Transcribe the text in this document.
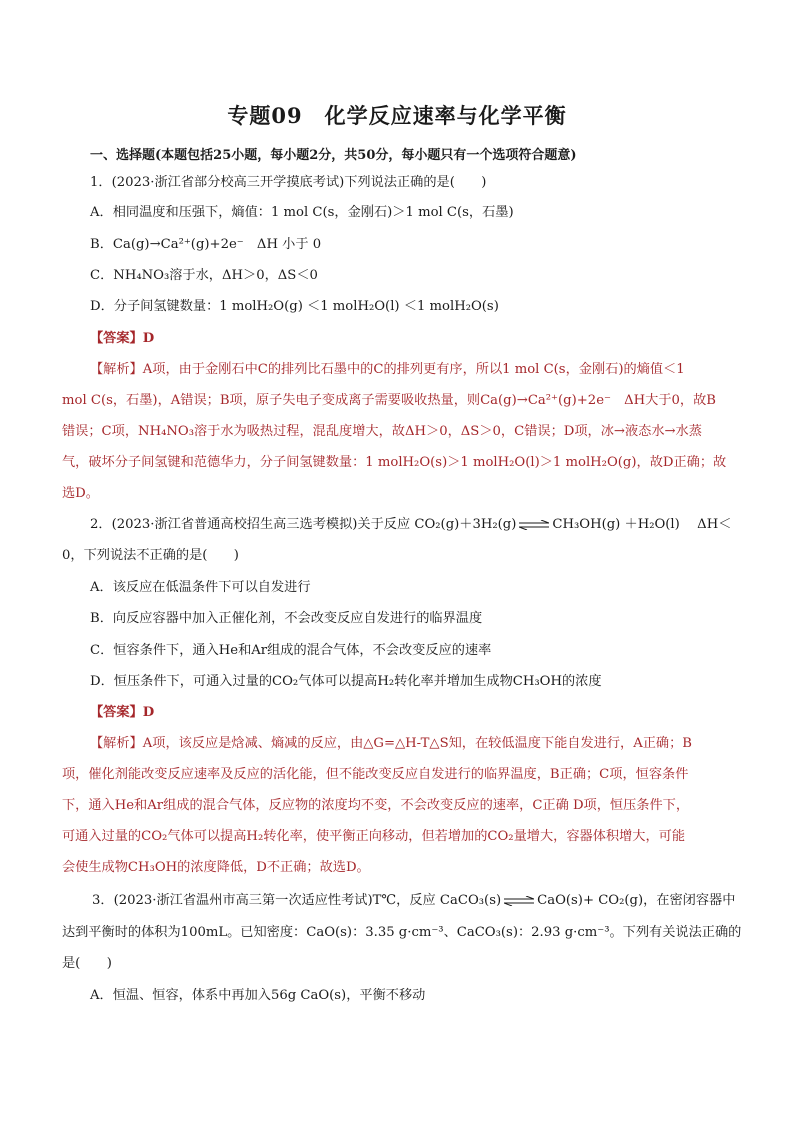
专题09　化学反应速率与化学平衡
一、选择题(本题包括25小题，每小题2分，共50分，每小题只有一个选项符合题意)
1．(2023·浙江省部分校高三开学摸底考试)下列说法正确的是(　　)
A．相同温度和压强下，熵值：1 mol C(s，金刚石)＞1 mol C(s，石墨)
B．Ca(g)→Ca²⁺(g)+2e⁻　ΔH 小于 0
C．NH₄NO₃溶于水，ΔH＞0，ΔS＜0
D．分子间氢键数量：1 molH₂O(g) ＜1 molH₂O(l) ＜1 molH₂O(s)
【答案】D
【解析】A项，由于金刚石中C的排列比石墨中的C的排列更有序，所以1 mol C(s，金刚石)的熵值＜1
mol C(s，石墨)，A错误；B项，原子失电子变成离子需要吸收热量，则Ca(g)→Ca²⁺(g)+2e⁻　ΔH大于0，故B
错误；C项，NH₄NO₃溶于水为吸热过程，混乱度增大，故ΔH＞0，ΔS＞0，C错误；D项，冰→液态水→水蒸
气，破坏分子间氢键和范德华力，分子间氢键数量：1 molH₂O(s)＞1 molH₂O(l)＞1 molH₂O(g)，故D正确；故
选D。
2．(2023·浙江省普通高校招生高三选考模拟)关于反应 CO₂(g)＋3H₂(g) ⇌ CH₃OH(g) ＋H₂O(l)　 ΔH＜
0，下列说法不正确的是(　　)
A．该反应在低温条件下可以自发进行
B．向反应容器中加入正催化剂，不会改变反应自发进行的临界温度
C．恒容条件下，通入He和Ar组成的混合气体，不会改变反应的速率
D．恒压条件下，可通入过量的CO₂气体可以提高H₂转化率并增加生成物CH₃OH的浓度
【答案】D
【解析】A项，该反应是焓减、熵减的反应，由△G=△H-T△S知，在较低温度下能自发进行，A正确；B
项，催化剂能改变反应速率及反应的活化能，但不能改变反应自发进行的临界温度，B正确；C项，恒容条件
下，通入He和Ar组成的混合气体，反应物的浓度均不变，不会改变反应的速率，C正确 D项，恒压条件下，
可通入过量的CO₂气体可以提高H₂转化率，使平衡正向移动，但若增加的CO₂量增大，容器体积增大，可能
会使生成物CH₃OH的浓度降低，D不正确；故选D。
3．(2023·浙江省温州市高三第一次适应性考试)T℃，反应 CaCO₃(s) ⇌ CaO(s)+ CO₂(g)，在密闭容器中
达到平衡时的体积为100mL。已知密度：CaO(s)：3.35 g·cm⁻³、CaCO₃(s)：2.93 g·cm⁻³。下列有关说法正确的
是(　　)
A．恒温、恒容，体系中再加入56g CaO(s)，平衡不移动
